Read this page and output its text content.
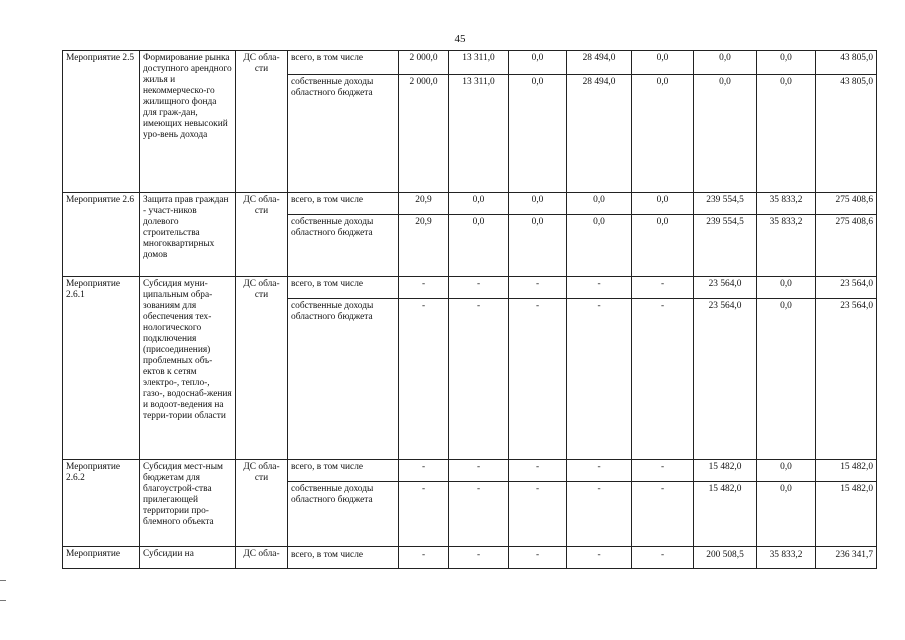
45
Мероприятие 2.5	Формирование рынка доступного арендного жилья и некоммерческо-го жилищного фонда для граж-дан, имеющих невысокий уро-вень дохода	ДС обла-сти	всего, в том числе	2 000,0	13 311,0	0,0	28 494,0	0,0	0,0	0,0	43 805,0
			собственные доходы областного бюджета	2 000,0	13 311,0	0,0	28 494,0	0,0	0,0	0,0	43 805,0
Мероприятие 2.6	Защита прав граждан - участ-ников долевого строительства многоквартирных домов	ДС обла-сти	всего, в том числе	20,9	0,0	0,0	0,0	0,0	239 554,5	35 833,2	275 408,6
			собственные доходы областного бюджета	20,9	0,0	0,0	0,0	0,0	239 554,5	35 833,2	275 408,6
Мероприятие 2.6.1	Субсидия муни-ципальным обра-зованиям для обеспечения тех-нологического подключения (присоединения) проблемных объ-ектов к сетям электро-, тепло-, газо-, водоснаб-жения и водоот-ведения на терри-тории области	ДС обла-сти	всего, в том числе	-	-	-	-	-	23 564,0	0,0	23 564,0
			собственные доходы областного бюджета	-	-	-	-	-	23 564,0	0,0	23 564,0
Мероприятие 2.6.2	Субсидия мест-ным бюджетам для благоустрой-ства прилегающей территории про-блемного объекта	ДС обла-сти	всего, в том числе	-	-	-	-	-	15 482,0	0,0	15 482,0
			собственные доходы областного бюджета	-	-	-	-	-	15 482,0	0,0	15 482,0
Мероприятие	Субсидии на	ДС обла-	всего, в том числе	-	-	-	-	-	200 508,5	35 833,2	236 341,7
